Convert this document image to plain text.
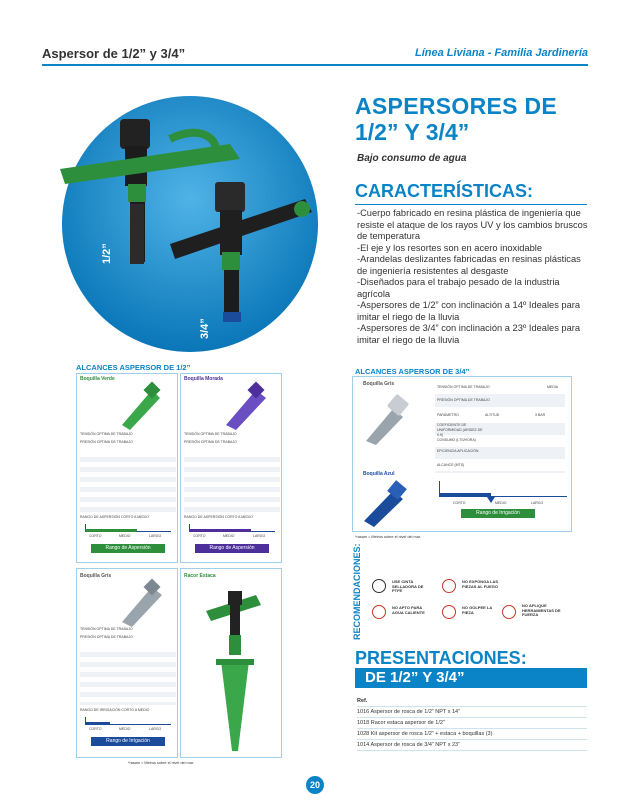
Aspersor de 1/2” y 3/4”	Línea Liviana - Familia Jardinería
1/2”
3/4”
ASPERSORES DE
1/2” Y 3/4”
Bajo consumo de agua
CARACTERÍSTICAS:
-Cuerpo fabricado en resina plástica de ingeniería que resiste el ataque de los rayos UV y los cambios bruscos de temperatura
-El eje y los resortes son en acero inoxidable
-Arandelas deslizantes fabricadas en resinas plásticas de ingeniería resistentes al desgaste
-Diseñados para el trabajo pesado de la industria agrícola
-Aspersores de 1/2” con inclinación a 14º Ideales para imitar el riego de la lluvia
-Aspersores de 3/4” con inclinación a 23º Ideales para imitar el riego de la lluvia
ALCANCES ASPERSOR DE 1/2”
Boquilla Verde
TENSIÓN OPTIMA DE TRABAJO
PRESIÓN OPTIMA DE TRABAJO
RANGO DE ASPERSIÓN CORTO A MEDIO
CORTO	MEDIO	LARGO
Rango de Aspersión
Boquilla Morada
TENSIÓN OPTIMA DE TRABAJO
PRESIÓN OPTIMA DE TRABAJO
RANGO DE ASPERSIÓN CORTO A MEDIO
CORTO	MEDIO	LARGO
Rango de Aspersión
Boquilla Gris
TENSIÓN OPTIMA DE TRABAJO
PRESIÓN OPTIMA DE TRABAJO
RANGO DE IRRIGACIÓN CORTO A MEDIO
CORTO	MEDIO	LARGO
Rango de Irrigación
Racor Estaca
*rasam = Metros sobre el nivel del mar.
ALCANCES ASPERSOR DE 3/4”
Boquilla Gris
Boquilla Azul
TENSIÓN OPTIMA DE TRABAJO
PRESIÓN OPTIMA DE TRABAJO
MEDIA
PARÁMETRO	ALTITUD	3 BAR
COEFICIENTE DE UNIFORMIDAD (ARIDEZ DE 0.5)
CONSUMO (LTS/HORA)
EFICIENCIA APLICACIÓN
ALCANCE (MTS)
CORTO	MEDIO	LARGO
Rango de Irrigación
*rasam = Metros sobre el nivel del mar.
RECOMENDACIONES:	USE CINTA SELLADORA DE PTFE
NO EXPONGA LAS PIEZAS AL FUEGO
NO APTO PARA AGUA CALIENTE
NO GOLPEE LA PIEZA
NO APLIQUE HERRAMIENTAS DE FUERZA
PRESENTACIONES:
DE 1/2” Y 3/4”
Ref.
1016 Aspersor de rosca de 1/2” NPT x 14”
1018 Racor estaca aspersor de 1/2”
1028 Kit aspersor de rosca 1/2” + estaca + boquillas (3)
1014 Aspersor de rosca de 3/4” NPT x 23”
20
